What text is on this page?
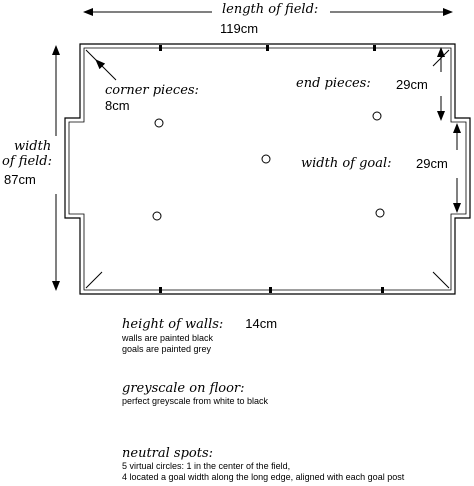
length of field:
119cm
width
of field:
87cm
corner pieces:
8cm
end pieces: 29cm
width of goal: 29cm
height of walls: 14cm
walls are painted black
goals are painted grey
greyscale on floor:
perfect greyscale from white to black
neutral spots:
5 virtual circles: 1 in the center of the field,
4 located a goal width along the long edge, aligned with each goal post
